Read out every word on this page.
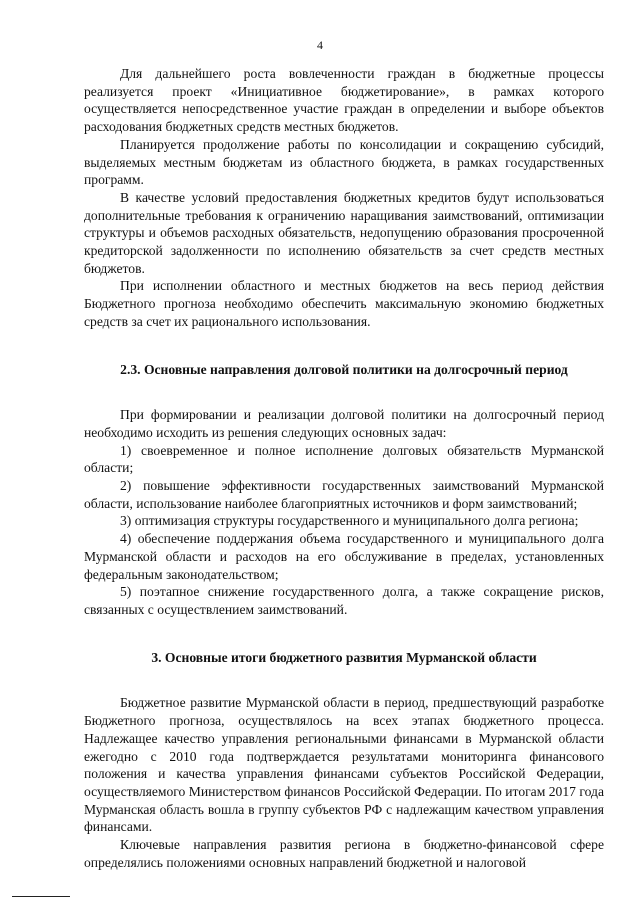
4

Для дальнейшего роста вовлеченности граждан в бюджетные процессы реализуется проект «Инициативное бюджетирование», в рамках которого осуществляется непосредственное участие граждан в определении и выборе объектов расходования бюджетных средств местных бюджетов.

Планируется продолжение работы по консолидации и сокращению субсидий, выделяемых местным бюджетам из областного бюджета, в рамках государственных программ.

В качестве условий предоставления бюджетных кредитов будут использоваться дополнительные требования к ограничению наращивания заимствований, оптимизации структуры и объемов расходных обязательств, недопущению образования просроченной кредиторской задолженности по исполнению обязательств за счет средств местных бюджетов.

При исполнении областного и местных бюджетов на весь период действия Бюджетного прогноза необходимо обеспечить максимальную экономию бюджетных средств за счет их рационального использования.

2.3. Основные направления долговой политики на долгосрочный период

При формировании и реализации долговой политики на долгосрочный период необходимо исходить из решения следующих основных задач:

1) своевременное и полное исполнение долговых обязательств Мурманской области;

2) повышение эффективности государственных заимствований Мурманской области, использование наиболее благоприятных источников и форм заимствований;

3) оптимизация структуры государственного и муниципального долга региона;

4) обеспечение поддержания объема государственного и муниципального долга Мурманской области и расходов на его обслуживание в пределах, установленных федеральным законодательством;

5) поэтапное снижение государственного долга, а также сокращение рисков, связанных с осуществлением заимствований.

3. Основные итоги бюджетного развития Мурманской области

Бюджетное развитие Мурманской области в период, предшествующий разработке Бюджетного прогноза, осуществлялось на всех этапах бюджетного процесса. Надлежащее качество управления региональными финансами в Мурманской области ежегодно с 2010 года подтверждается результатами мониторинга финансового положения и качества управления финансами субъектов Российской Федерации, осуществляемого Министерством финансов Российской Федерации. По итогам 2017 года Мурманская область вошла в группу субъектов РФ с надлежащим качеством управления финансами.

Ключевые направления развития региона в бюджетно-финансовой сфере определялись положениями основных направлений бюджетной и налоговой
